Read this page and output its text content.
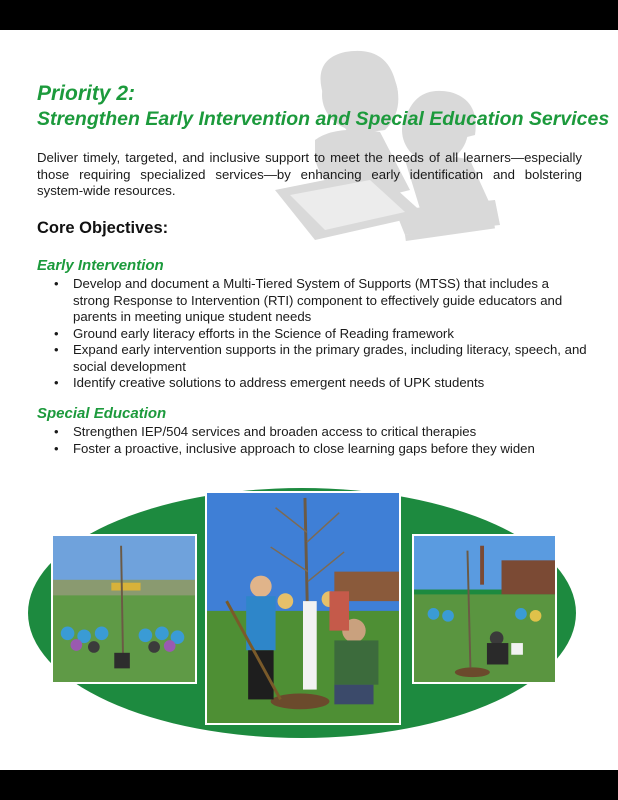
Priority 2:
Strengthen Early Intervention and Special Education Services

Deliver timely, targeted, and inclusive support to meet the needs of all learners—especially those requiring specialized services—by enhancing early identification and bolstering system-wide resources.

Core Objectives:
Early Intervention
• Develop and document a Multi-Tiered System of Supports (MTSS) that includes a strong Response to Intervention (RTI) component to effectively guide educators and parents in meeting unique student needs
• Ground early literacy efforts in the Science of Reading framework
• Expand early intervention supports in the primary grades, including literacy, speech, and social development
• Identify creative solutions to address emergent needs of UPK students
Special Education
• Strengthen IEP/504 services and broaden access to critical therapies
• Foster a proactive, inclusive approach to close learning gaps before they widen
